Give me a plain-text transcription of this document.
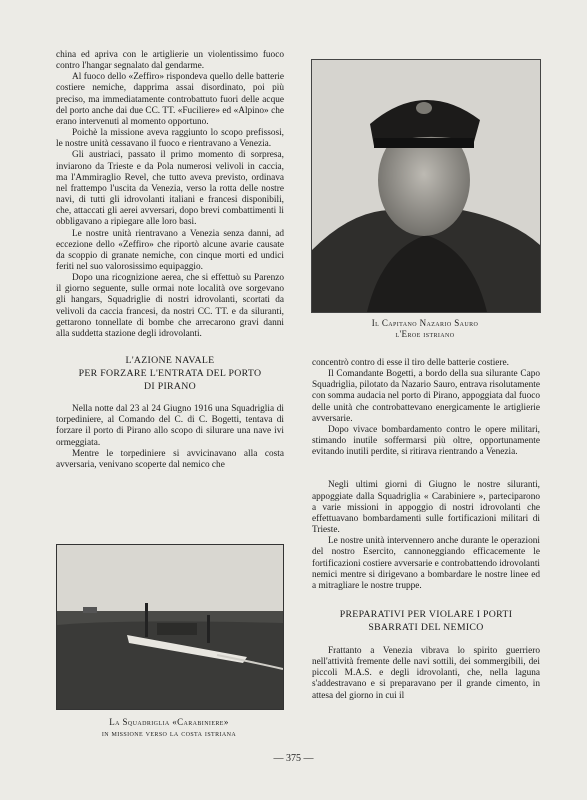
china ed apriva con le artiglierie un violentissimo fuoco contro l'hangar segnalato dal gendarme.

Al fuoco dello «Zeffiro» rispondeva quello delle batterie costiere nemiche, dapprima assai disordinato, poi più preciso, ma immediatamente controbattuto fuori delle acque del porto anche dai due CC. TT. «Fuciliere» ed «Alpino» che erano intervenuti al momento opportuno.

Poichè la missione aveva raggiunto lo scopo prefissosi, le nostre unità cessavano il fuoco e rientravano a Venezia.

Gli austriaci, passato il primo momento di sorpresa, inviarono da Trieste e da Pola numerosi velivoli in caccia, ma l'Ammiraglio Revel, che tutto aveva previsto, ordinava nel frattempo l'uscita da Venezia, verso la rotta delle nostre navi, di tutti gli idrovolanti italiani e francesi disponibili, che, attaccati gli aerei avversari, dopo brevi combattimenti li obbligavano a ripiegare alle loro basi.

Le nostre unità rientravano a Venezia senza danni, ad eccezione dello «Zeffiro» che riportò alcune avarie causate da scoppio di granate nemiche, con cinque morti ed undici feriti nel suo valorosissimo equipaggio.

Dopo una ricognizione aerea, che si effettuò su Parenzo il giorno seguente, sulle ormai note località ove sorgevano gli hangars, Squadriglie di nostri idrovolanti, scortati da velivoli da caccia francesi, da nostri CC. TT. e da siluranti, gettarono tonnellate di bombe che arrecarono gravi danni alla suddetta stazione degli idrovolanti.

L'AZIONE NAVALE
PER FORZARE L'ENTRATA DEL PORTO
DI PIRANO

Nella notte dal 23 al 24 Giugno 1916 una Squadriglia di torpediniere, al Comando del C. di C. Bogetti, tentava di forzare il porto di Pirano allo scopo di silurare una nave ivi ormeggiata.

Mentre le torpediniere si avvicinavano alla costa avversaria, venivano scoperte dal nemico che

Il Capitano Nazario Sauro
l'Eroe istriano

concentrò contro di esse il tiro delle batterie costiere.

Il Comandante Bogetti, a bordo della sua silurante Capo Squadriglia, pilotato da Nazario Sauro, entrava risolutamente con somma audacia nel porto di Pirano, appoggiata dal fuoco delle unità che controbattevano energicamente le artiglierie avversarie.

Dopo vivace bombardamento contro le opere militari, stimando inutile soffermarsi più oltre, opportunamente evitando inutili perdite, si ritirava rientrando a Venezia.

Negli ultimi giorni di Giugno le nostre siluranti, appoggiate dalla Squadriglia « Carabiniere », parteciparono a varie missioni in appoggio di nostri idrovolanti che effettuavano bombardamenti sulle fortificazioni militari di Trieste.

Le nostre unità intervennero anche durante le operazioni del nostro Esercito, cannoneggiando efficacemente le fortificazioni costiere avversarie e controbattendo idrovolanti nemici mentre si dirigevano a bombardare le nostre linee ed a mitragliare le nostre truppe.

PREPARATIVI PER VIOLARE I PORTI
SBARRATI DEL NEMICO

Frattanto a Venezia vibrava lo spirito guerriero nell'attività fremente delle navi sottili, dei sommergibili, dei piccoli M.A.S. e degli idrovolanti, che, nella laguna s'addestravano e si preparavano per il grande cimento, in attesa del giorno in cui il

La Squadriglia «Carabiniere»
in missione verso la costa istriana
— 375 —
